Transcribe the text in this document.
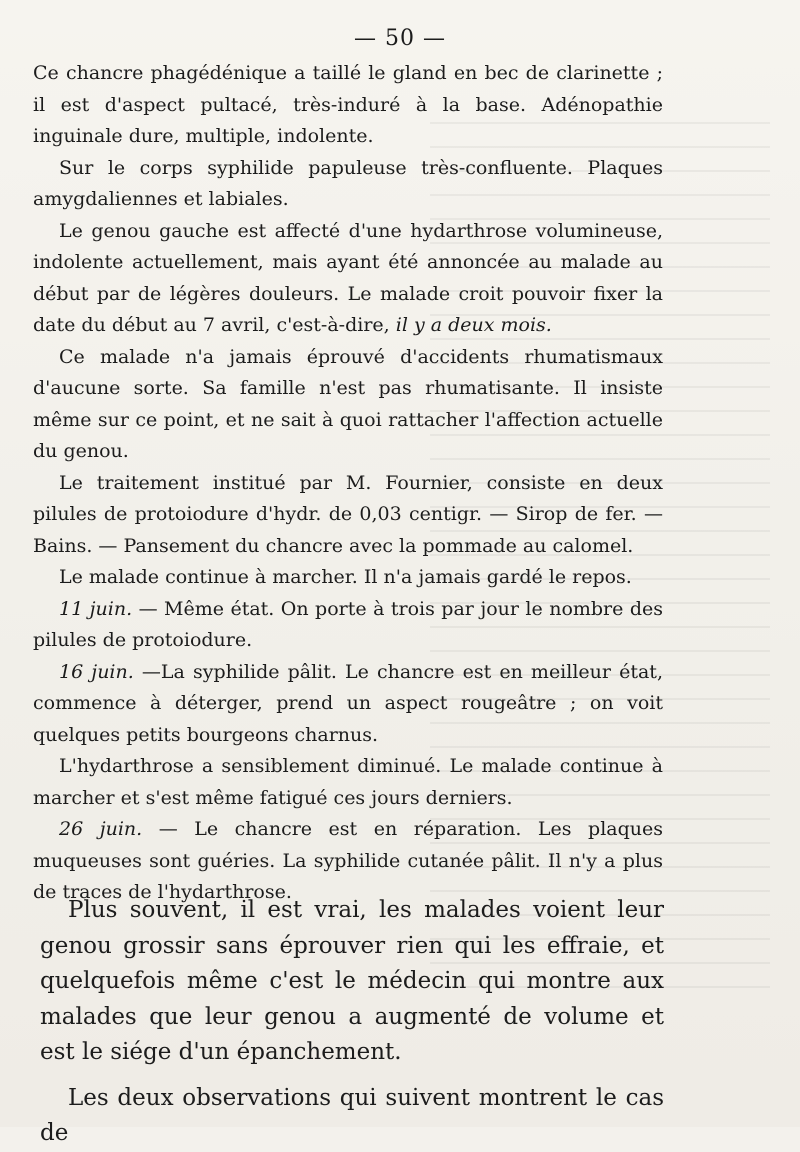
— 50 —

Ce chancre phagédénique a taillé le gland en bec de clarinette ; il est d'aspect pultacé, très-induré à la base. Adénopathie inguinale dure, multiple, indolente.

Sur le corps syphilide papuleuse très-confluente. Plaques amygdaliennes et labiales.

Le genou gauche est affecté d'une hydarthrose volumineuse, indolente actuellement, mais ayant été annoncée au malade au début par de légères douleurs. Le malade croit pouvoir fixer la date du début au 7 avril, c'est-à-dire, il y a deux mois.

Ce malade n'a jamais éprouvé d'accidents rhumatismaux d'aucune sorte. Sa famille n'est pas rhumatisante. Il insiste même sur ce point, et ne sait à quoi rattacher l'affection actuelle du genou.

Le traitement institué par M. Fournier, consiste en deux pilules de protoiodure d'hydr. de 0,03 centigr. — Sirop de fer. — Bains. — Pansement du chancre avec la pommade au calomel.

Le malade continue à marcher. Il n'a jamais gardé le repos.

11 juin. — Même état. On porte à trois par jour le nombre des pilules de protoiodure.

16 juin. —La syphilide pâlit. Le chancre est en meilleur état, commence à déterger, prend un aspect rougeâtre ; on voit quelques petits bourgeons charnus.

L'hydarthrose a sensiblement diminué. Le malade continue à marcher et s'est même fatigué ces jours derniers.

26 juin. — Le chancre est en réparation. Les plaques muqueuses sont guéries. La syphilide cutanée pâlit. Il n'y a plus de traces de l'hydarthrose.

Plus souvent, il est vrai, les malades voient leur genou grossir sans éprouver rien qui les effraie, et quelquefois même c'est le médecin qui montre aux malades que leur genou a augmenté de volume et est le siége d'un épanchement.

Les deux observations qui suivent montrent le cas de
